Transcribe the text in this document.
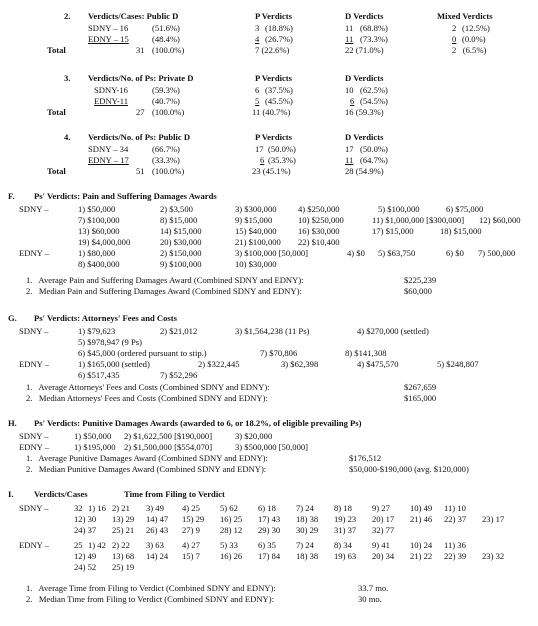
2. Verdicts/Cases: Public D	P Verdicts	D Verdicts	Mixed Verdicts
SDNY – 16	(51.6%)	3 (18.8%)	11 (68.8%)	2 (12.5%)
EDNY – 15	(48.4%)	4 (26.7%)	11 (73.3%)	0 (0.0%)
Total	31 (100.0%)	7 (22.6%)	22 (71.0%)	2   (6.5%)
3. Verdicts/No. of Ps: Private D	P Verdicts	D Verdicts
SDNY-16	(59.3%)	6 (37.5%)	10 (62.5%)
EDNY-11	(40.7%)	5 (45.5%)	6 (54.5%)
Total	27 (100.0%)	11 (40.7%)	16 (59.3%)
4. Verdicts/No. of Ps: Public D	P Verdicts	D Verdicts
SDNY – 34	(66.7%)	17 (50.0%)	17 (50.0%)
EDNY – 17	(33.3%)	6 (35.3%)	11 (64.7%)
Total	51 (100.0%)	23 (45.1%)	28 (54.9%)
F. Ps' Verdicts: Pain and Suffering Damages Awards
SDNY –	1) $50,000	2) $3,500	3) $300,000 4) $250,000	5) $100,000	6) $75,000
7) $100,000	8) $15,000	9) $15,000	10) $250,000	11) $1,000,000 [$300,000] 12) $60,000
13) $60,000	14) $15,000	15) $40,000 16) $30,000	17) $15,000	18) $15,000
19) $4,000,000	20) $30,000	21) $100,000 22) $10,400
EDNY –	1) $80,000	2) $150,000	3) $100,000 [50,000]	4) $0 5) $63,750	6) $0 7) 500,000
8) $400,000	9) $100,000	10) $30,000
1.   Average Pain and Suffering Damages Award (Combined SDNY and EDNY):	$225,239
2.   Median Pain and Suffering Damages Award (Combined SDNY and EDNY):	$60,000
G. Ps' Verdicts: Attorneys' Fees and Costs
SDNY –	1) $79,623	2) $21,012	3) $1,564,238 (11 Ps)	4) $270,000 (settled)
5) $978,947 (9 Ps)
6) $45,000 (ordered pursuant to stip.)	7) $70,806	8) $141,308
EDNY –	1) $165,000 (settled)	2) $322,445	3) $62,398	4) $475,570	5) $248,807
6) $517,435	7) $52,296
1.   Average Attorneys' Fees and Costs (Combined SDNY and EDNY):	$267,659
2.   Median Attorneys' Fees and Costs (Combined SDNY and EDNY):	$165,000
H. Ps' Verdicts: Punitive Damages Awards (awarded to 6, or 18.2%, of eligible prevailing Ps)
SDNY –	1) $50,000 2) $1,622,500 [$190,000]	3) $20,000
EDNY –	1) $195,000 2) $1,500,000 [$554,070]	3) $500,000 [50,000]
1.   Average Punitive Damages Award (Combined SDNY and EDNY):	$176,512
2.   Median Punitive Damages Award (Combined SDNY and EDNY):	$50,000-$190,000 (avg. $120,000)
I. Verdicts/Cases	Time from Filing to Verdict
SDNY –	32 1) 16 2) 21 3) 49 4) 25 5) 62 6) 18 7) 24 8) 18 9) 27 10) 49 11) 10
12) 30 13) 29 14) 47 15) 29 16) 25 17) 43 18) 38 19) 23 20) 17 21) 46 22) 37 23) 17
24) 37 25) 21 26) 43 27) 9 28) 12 29) 30 30) 29 31) 37 32) 77
EDNY –	25 1) 42 2) 22 3) 63 4) 27 5) 33 6) 35 7) 24 8) 34 9) 41 10) 24 11) 36
12) 49 13) 68 14) 24 15) 7 16) 26 17) 84 18) 38 19) 63 20) 34 21) 22 22) 39 23) 32
24) 52 25) 19
1.   Average Time from Filing to Verdict (Combined SDNY and EDNY):	33.7 mo.
2.   Median Time from Filing to Verdict (Combined SDNY and EDNY):	30 mo.
